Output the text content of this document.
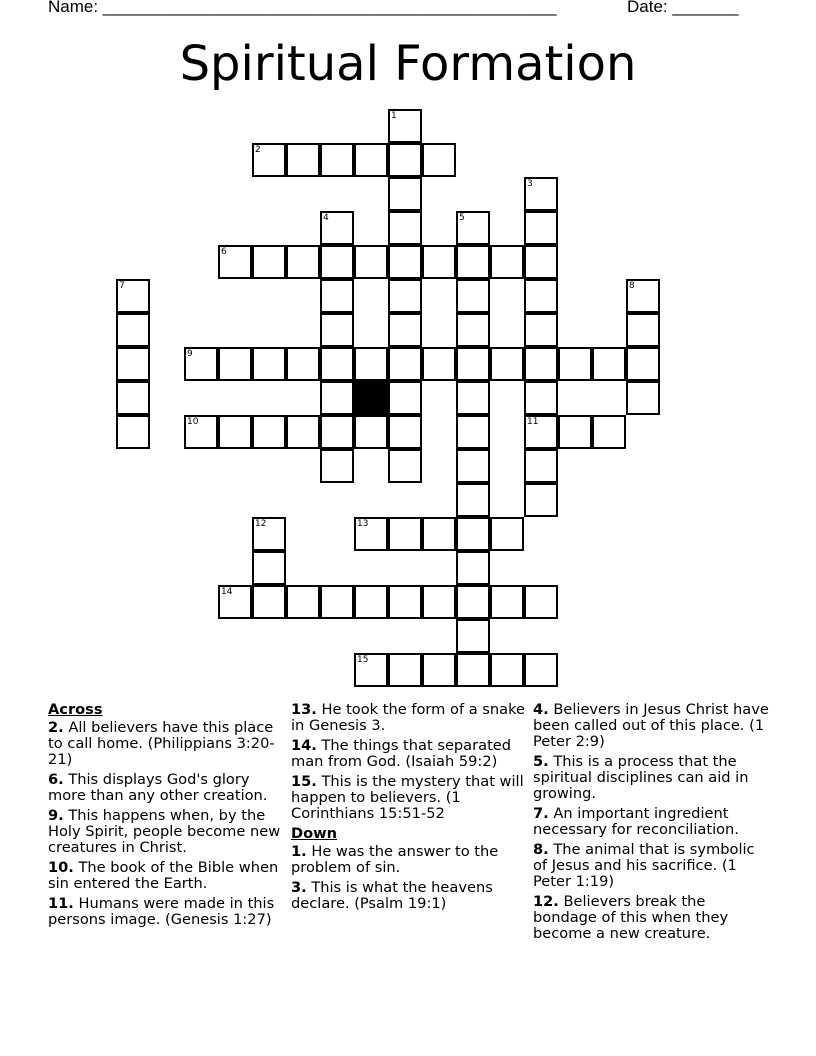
Name: ________________________________________________	Date: _______
Spiritual Formation
1
2
3
4	5
6
7	8
9
10	11
12	13
14
15
Across
2. All believers have this place to call home. (Philippians 3:20-21)
6. This displays God's glory more than any other creation.
9. This happens when, by the Holy Spirit, people become new creatures in Christ.
10. The book of the Bible when sin entered the Earth.
11. Humans were made in this persons image. (Genesis 1:27)
13. He took the form of a snake in Genesis 3.
14. The things that separated man from God. (Isaiah 59:2)
15. This is the mystery that will happen to believers. (1 Corinthians 15:51-52
Down
1. He was the answer to the problem of sin.
3. This is what the heavens declare. (Psalm 19:1)
4. Believers in Jesus Christ have been called out of this place. (1 Peter 2:9)
5. This is a process that the spiritual disciplines can aid in growing.
7. An important ingredient necessary for reconciliation.
8. The animal that is symbolic of Jesus and his sacrifice. (1 Peter 1:19)
12. Believers break the bondage of this when they become a new creature.
